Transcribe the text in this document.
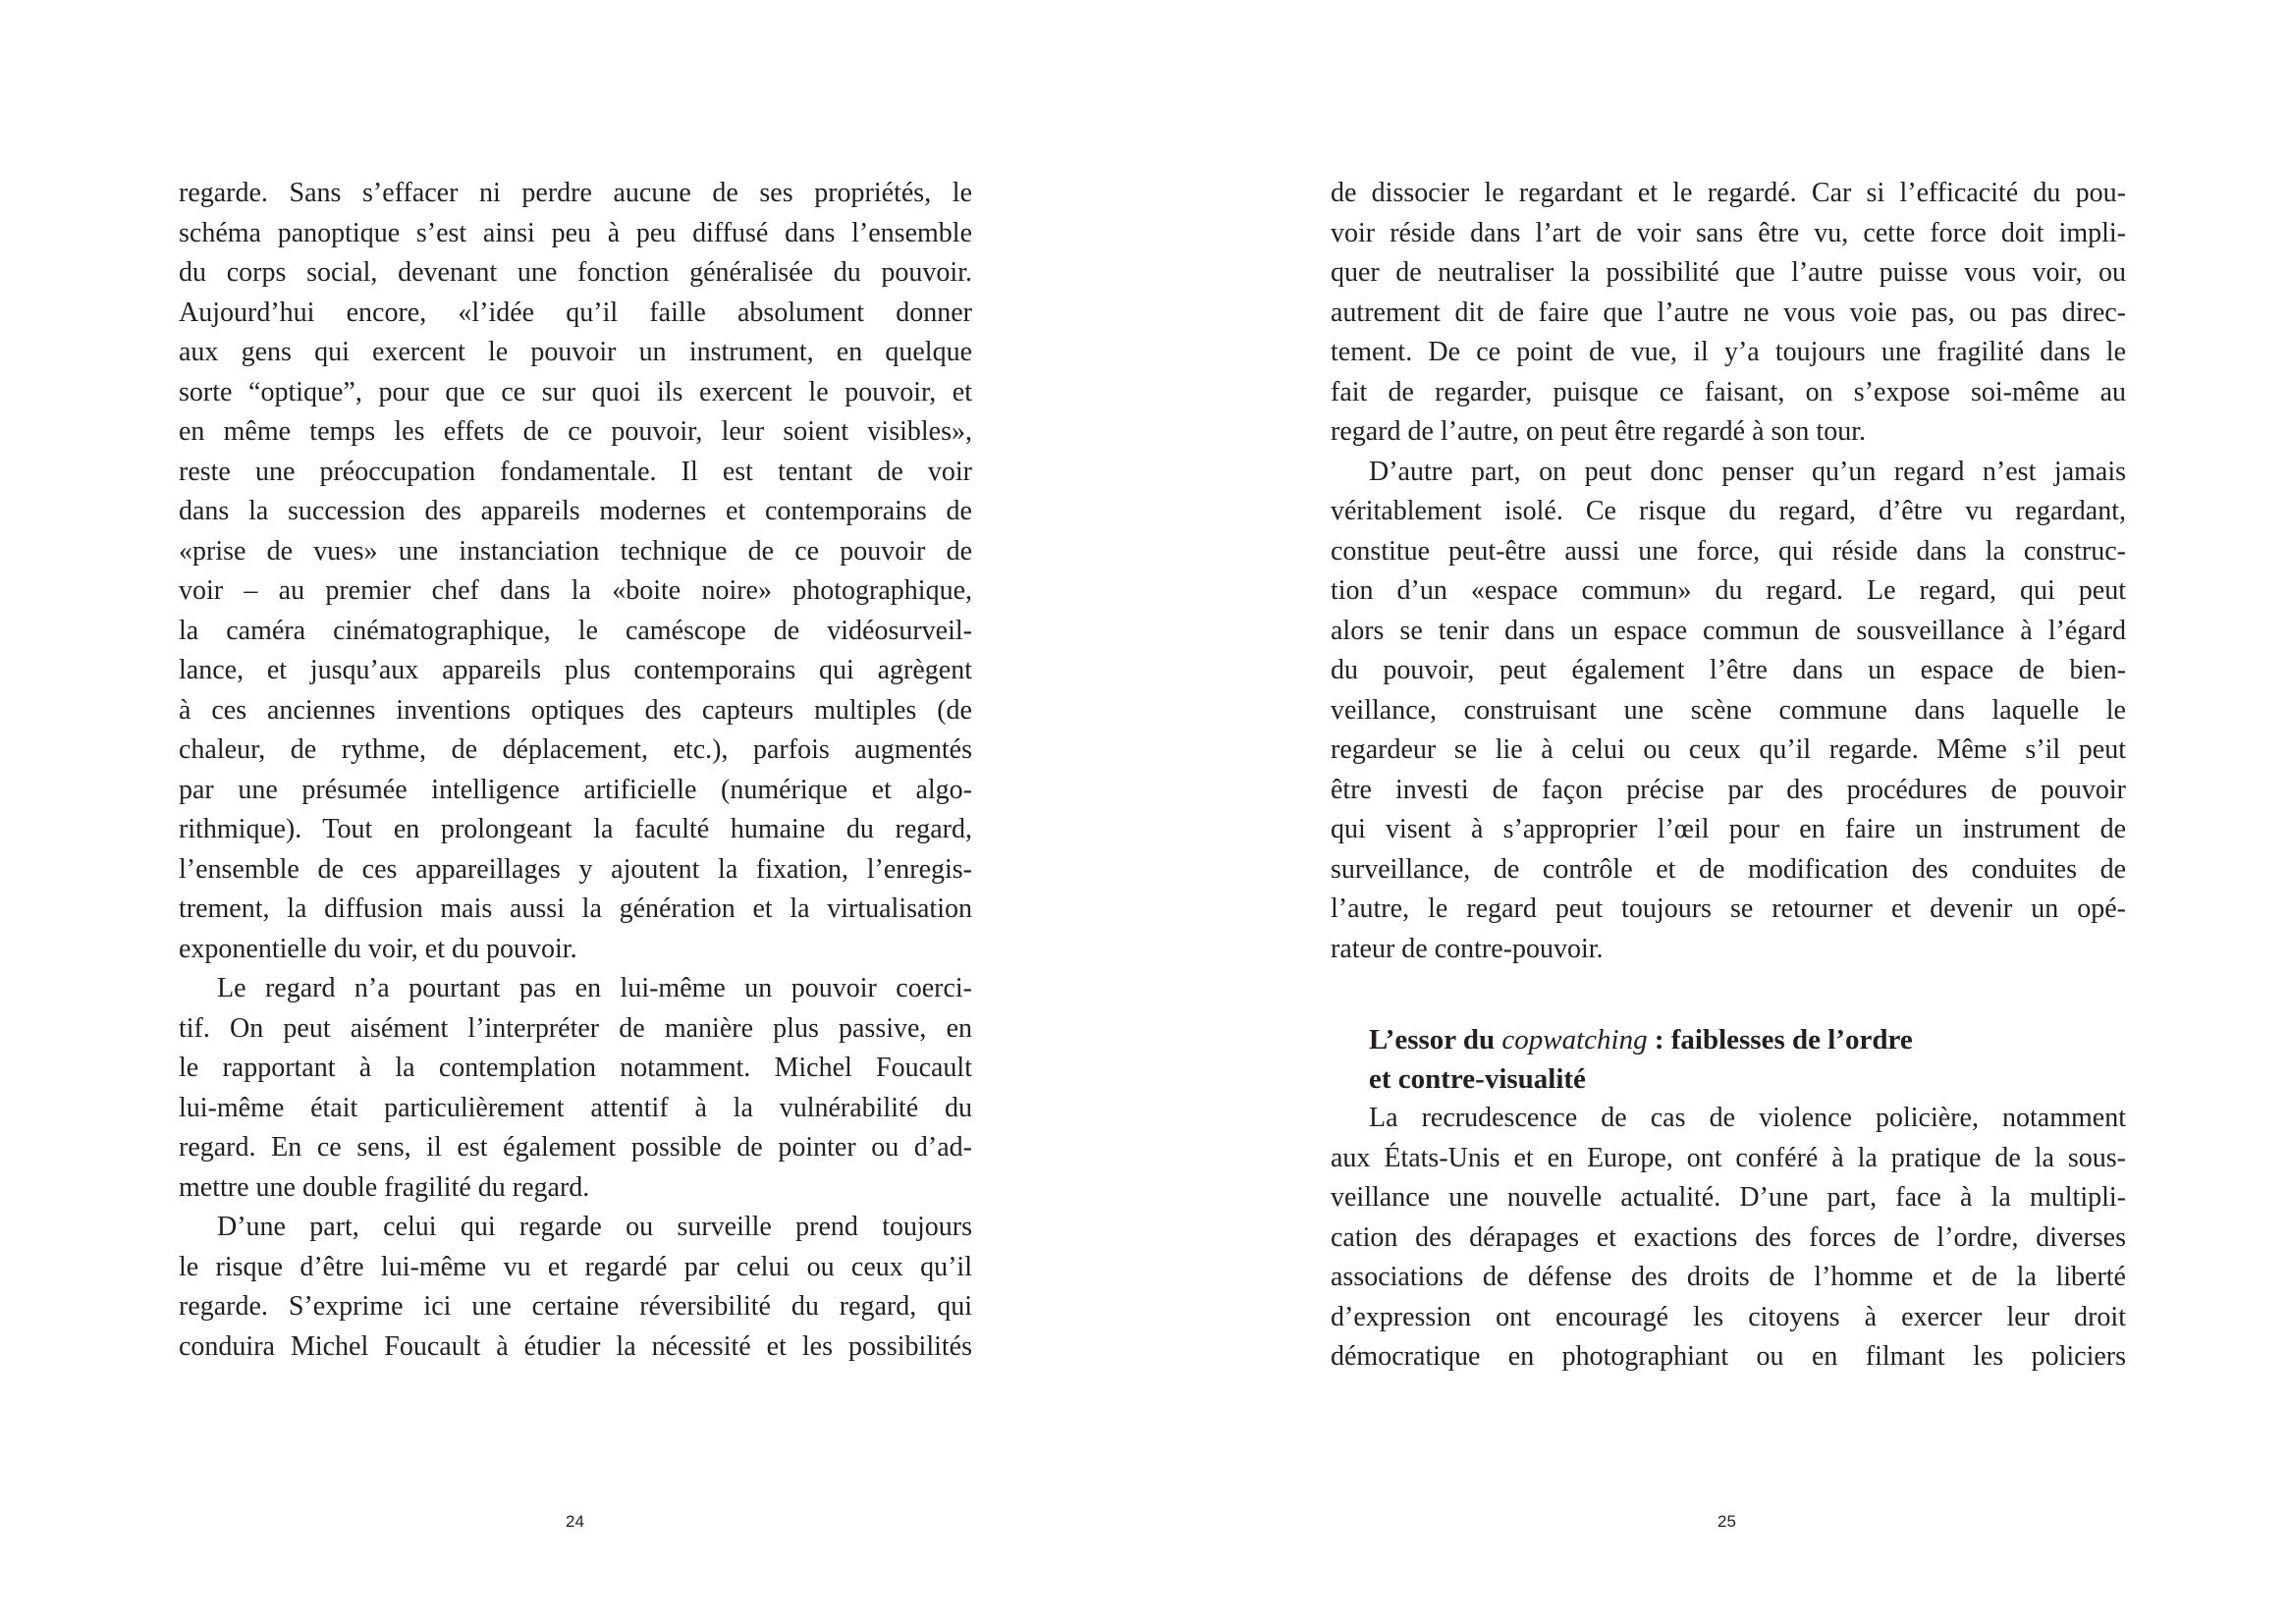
regarde. Sans s’effacer ni perdre aucune de ses propriétés, le
schéma panoptique s’est ainsi peu à peu diffusé dans l’ensemble
du corps social, devenant une fonction généralisée du pouvoir.
Aujourd’hui encore, «l’idée qu’il faille absolument donner
aux gens qui exercent le pouvoir un instrument, en quelque
sorte “optique”, pour que ce sur quoi ils exercent le pouvoir, et
en même temps les effets de ce pouvoir, leur soient visibles»,
reste une préoccupation fondamentale. Il est tentant de voir
dans la succession des appareils modernes et contemporains de
«prise de vues» une instanciation technique de ce pouvoir de
voir – au premier chef dans la «boite noire» photographique,
la caméra cinématographique, le caméscope de vidéosurveil-
lance, et jusqu’aux appareils plus contemporains qui agrègent
à ces anciennes inventions optiques des capteurs multiples (de
chaleur, de rythme, de déplacement, etc.), parfois augmentés
par une présumée intelligence artificielle (numérique et algo-
rithmique). Tout en prolongeant la faculté humaine du regard,
l’ensemble de ces appareillages y ajoutent la fixation, l’enregis-
trement, la diffusion mais aussi la génération et la virtualisation
exponentielle du voir, et du pouvoir.
Le regard n’a pourtant pas en lui-même un pouvoir coerci-
tif. On peut aisément l’interpréter de manière plus passive, en
le rapportant à la contemplation notamment. Michel Foucault
lui-même était particulièrement attentif à la vulnérabilité du
regard. En ce sens, il est également possible de pointer ou d’ad-
mettre une double fragilité du regard.
D’une part, celui qui regarde ou surveille prend toujours
le risque d’être lui-même vu et regardé par celui ou ceux qu’il
regarde. S’exprime ici une certaine réversibilité du regard, qui
conduira Michel Foucault à étudier la nécessité et les possibilités
de dissocier le regardant et le regardé. Car si l’efficacité du pou-
voir réside dans l’art de voir sans être vu, cette force doit impli-
quer de neutraliser la possibilité que l’autre puisse vous voir, ou
autrement dit de faire que l’autre ne vous voie pas, ou pas direc-
tement. De ce point de vue, il y’a toujours une fragilité dans le
fait de regarder, puisque ce faisant, on s’expose soi-même au
regard de l’autre, on peut être regardé à son tour.
D’autre part, on peut donc penser qu’un regard n’est jamais
véritablement isolé. Ce risque du regard, d’être vu regardant,
constitue peut-être aussi une force, qui réside dans la construc-
tion d’un «espace commun» du regard. Le regard, qui peut
alors se tenir dans un espace commun de sousveillance à l’égard
du pouvoir, peut également l’être dans un espace de bien-
veillance, construisant une scène commune dans laquelle le
regardeur se lie à celui ou ceux qu’il regarde. Même s’il peut
être investi de façon précise par des procédures de pouvoir
qui visent à s’approprier l’œil pour en faire un instrument de
surveillance, de contrôle et de modification des conduites de
l’autre, le regard peut toujours se retourner et devenir un opé-
rateur de contre-pouvoir.
L’essor du copwatching : faiblesses de l’ordre
et contre-visualité
La recrudescence de cas de violence policière, notamment
aux États-Unis et en Europe, ont conféré à la pratique de la sous-
veillance une nouvelle actualité. D’une part, face à la multipli-
cation des dérapages et exactions des forces de l’ordre, diverses
associations de défense des droits de l’homme et de la liberté
d’expression ont encouragé les citoyens à exercer leur droit
démocratique en photographiant ou en filmant les policiers
24	25
